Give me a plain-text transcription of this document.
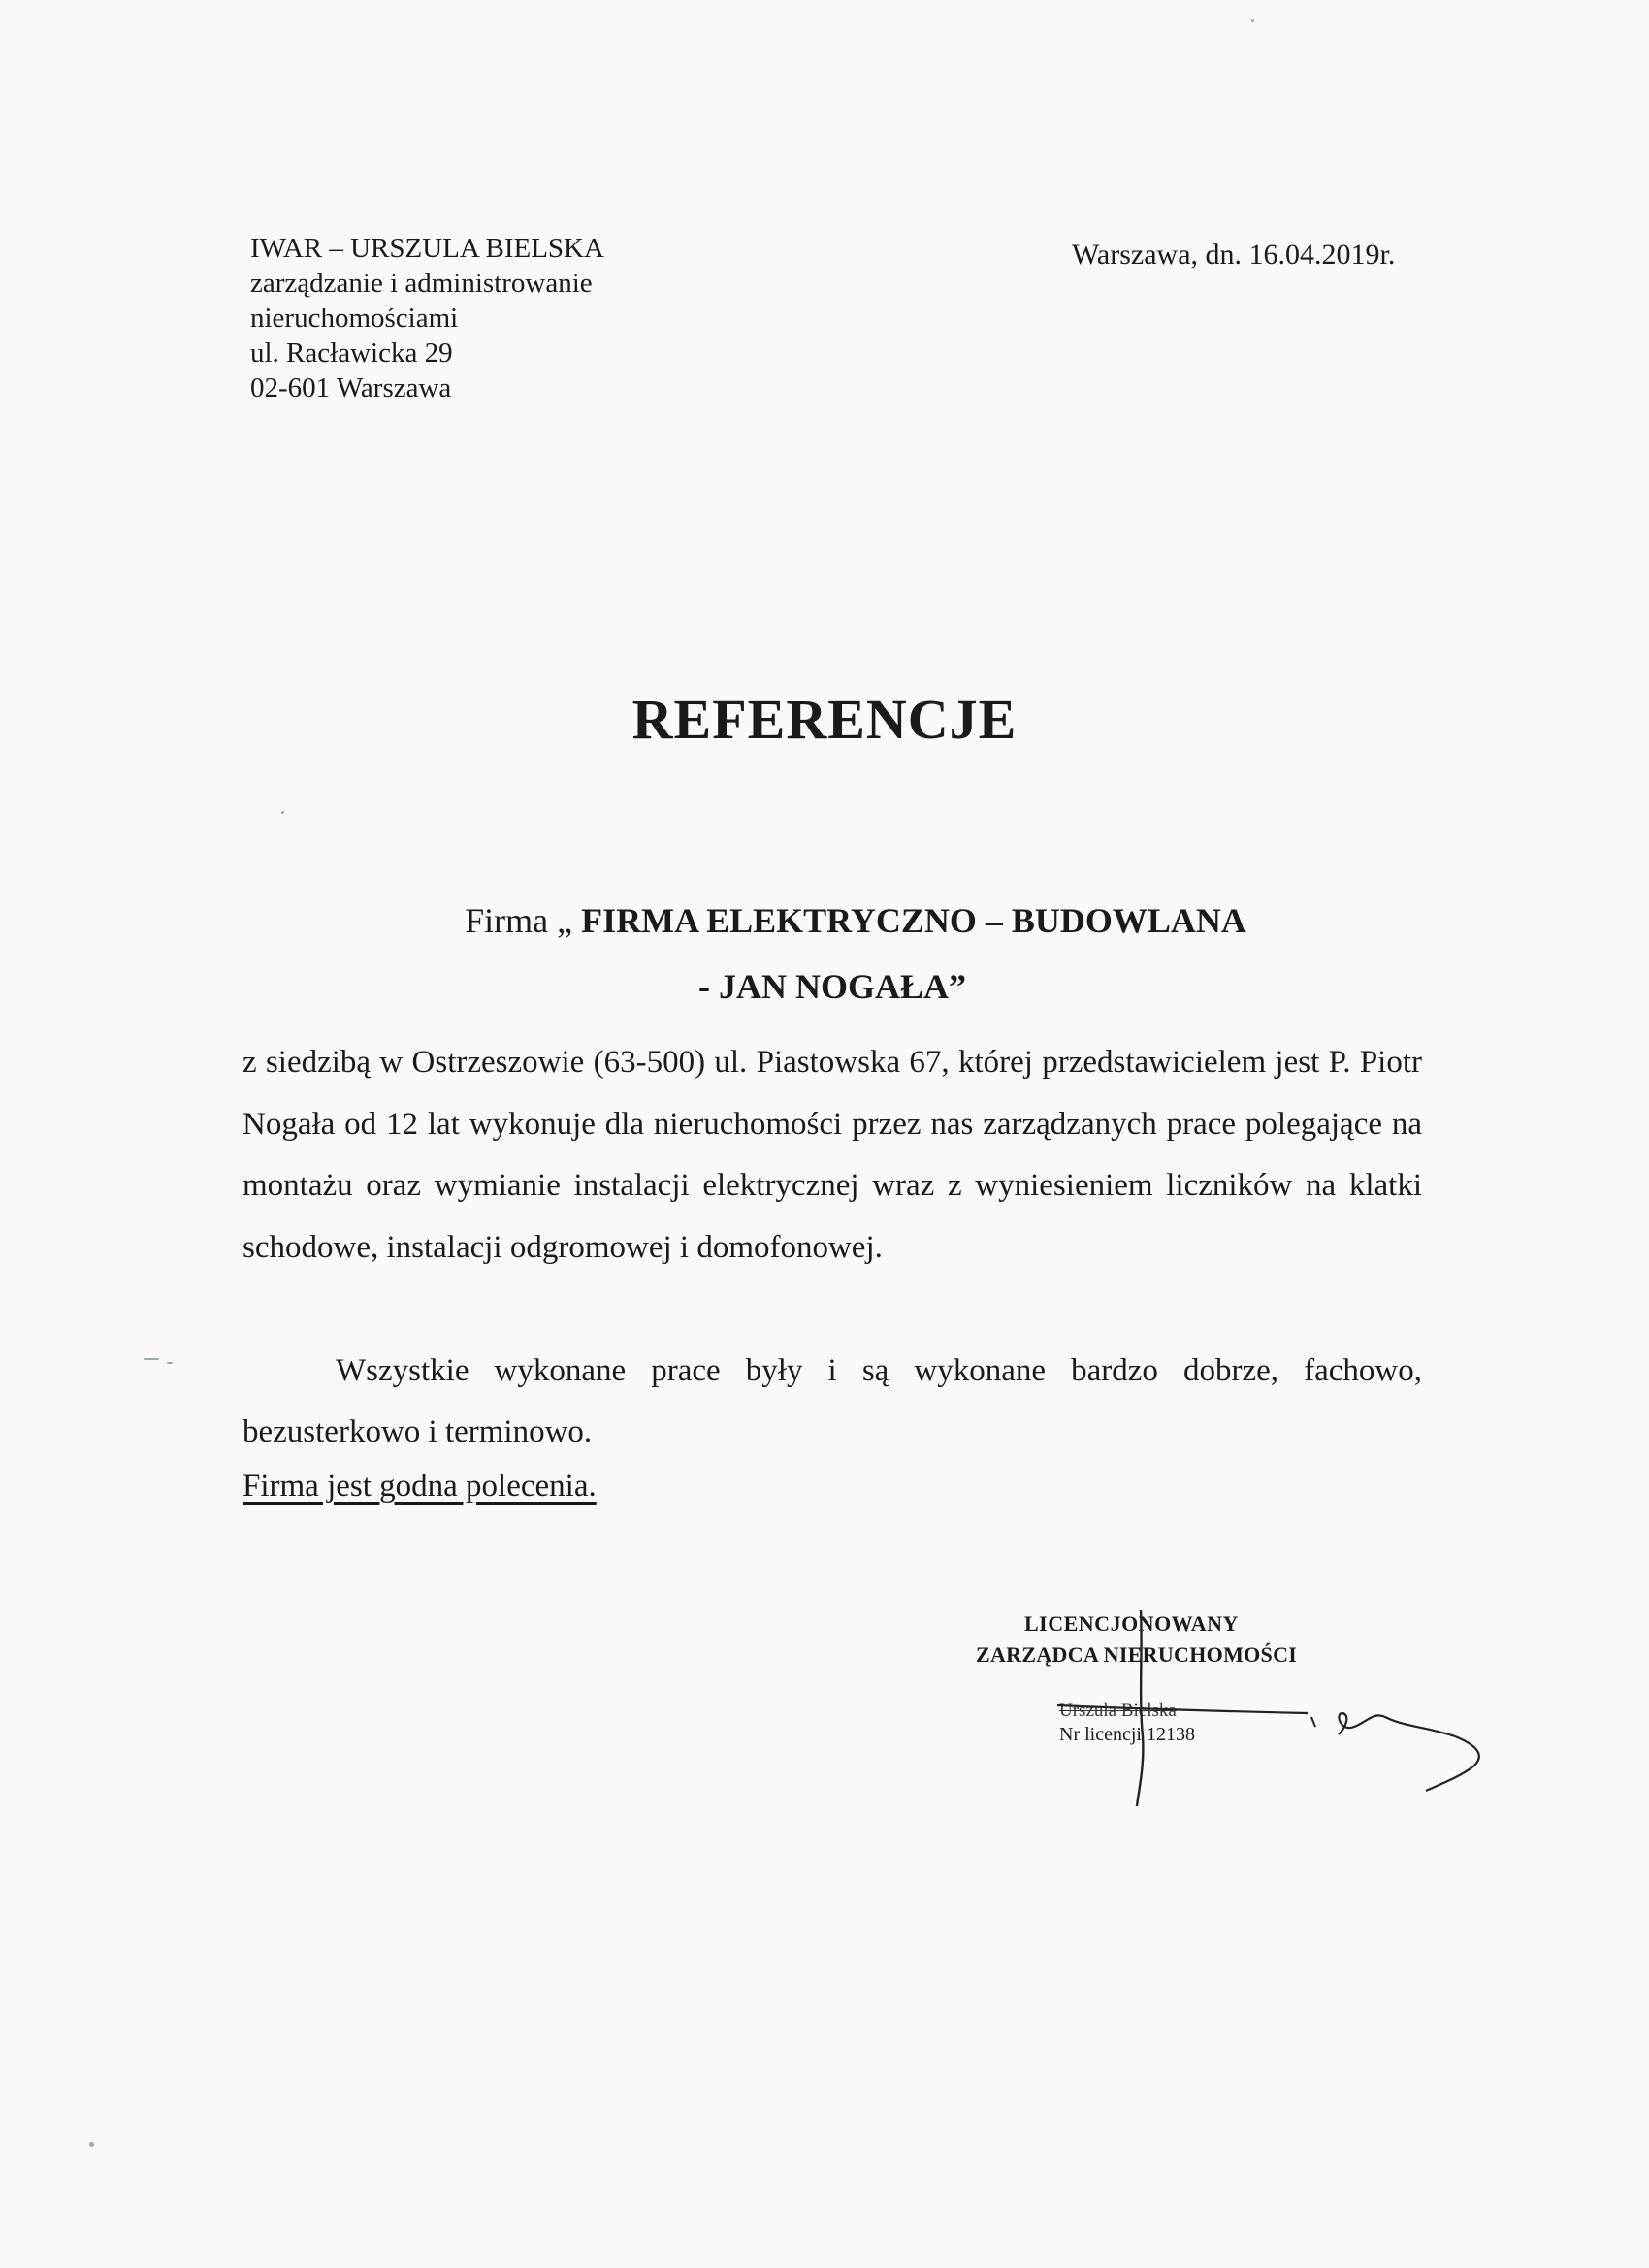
IWAR – URSZULA BIELSKA
zarządzanie i administrowanie
nieruchomościami
ul. Racławicka 29
02-601 Warszawa
Warszawa, dn. 16.04.2019r.
REFERENCJE
Firma „ FIRMA ELEKTRYCZNO – BUDOWLANA
- JAN NOGAŁA”
z siedzibą w Ostrzeszowie (63-500) ul. Piastowska 67, której przedstawicielem jest P. Piotr Nogała od 12 lat wykonuje dla nieruchomości przez nas zarządzanych prace polegające na montażu oraz wymianie instalacji elektrycznej wraz z wyniesieniem liczników na klatki schodowe, instalacji odgromowej i domofonowej.
Wszystkie wykonane prace były i są wykonane bardzo dobrze, fachowo, bezusterkowo i terminowo.
Firma jest godna polecenia.
LICENCJONOWANY
ZARZĄDCA NIERUCHOMOŚCI
Urszula Bielska
Nr licencji 12138
